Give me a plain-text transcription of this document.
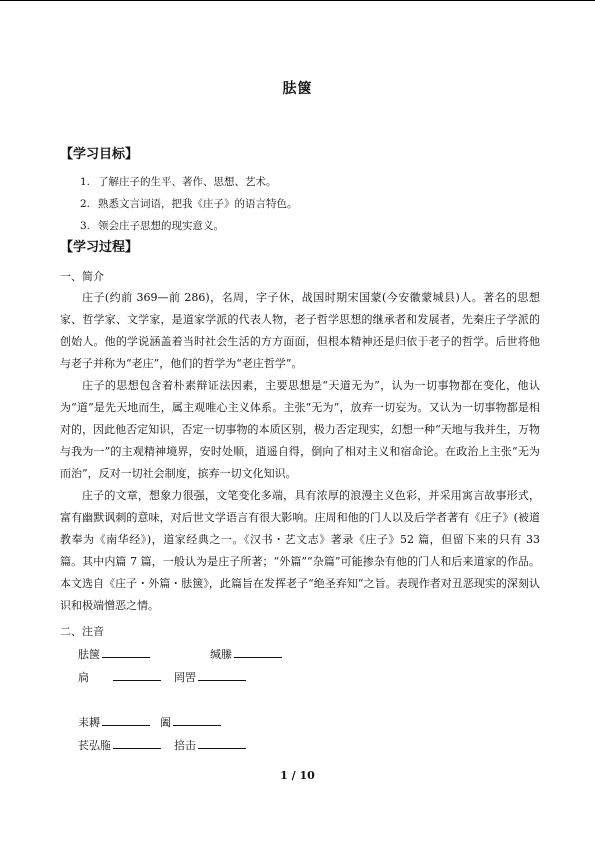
胠箧
【学习目标】
1. 了解庄子的生平、著作、思想、艺术。
2. 熟悉文言词语，把我《庄子》的语言特色。
3. 领会庄子思想的现实意义。
【学习过程】
一、简介

庄子(约前 369—前 286)，名周，字子休，战国时期宋国蒙(今安徽蒙城县)人。著名的思想家、哲学家、文学家，是道家学派的代表人物，老子哲学思想的继承者和发展者，先秦庄子学派的创始人。他的学说涵盖着当时社会生活的方方面面，但根本精神还是归依于老子的哲学。后世将他与老子并称为“老庄”，他们的哲学为“老庄哲学”。

庄子的思想包含着朴素辩证法因素，主要思想是“天道无为”，认为一切事物都在变化，他认为“道”是先天地而生，属主观唯心主义体系。主张“无为”，放弃一切妄为。又认为一切事物都是相对的，因此他否定知识，否定一切事物的本质区别，极力否定现实，幻想一种“天地与我并生，万物与我为一”的主观精神境界，安时处顺，逍遥自得，倒向了相对主义和宿命论。在政治上主张“无为而治”，反对一切社会制度，摈弃一切文化知识。

庄子的文章，想象力很强，文笔变化多端，具有浓厚的浪漫主义色彩，并采用寓言故事形式，富有幽默讽刺的意味，对后世文学语言有很大影响。庄周和他的门人以及后学者著有《庄子》(被道教奉为《南华经》)，道家经典之一。《汉书・艺文志》著录《庄子》52 篇，但留下来的只有 33 篇。其中内篇 7 篇，一般认为是庄子所著；“外篇”“杂篇”可能掺杂有他的门人和后来道家的作品。本文选自《庄子・外篇・胠箧》，此篇旨在发挥老子“绝圣弃知”之旨。表现作者对丑恶现实的深刻认识和极端憎恶之情。

二、注音
胠箧	缄縢
扃	罔罟
耒耨	阖
苌弘胣	掊击
1 / 10
